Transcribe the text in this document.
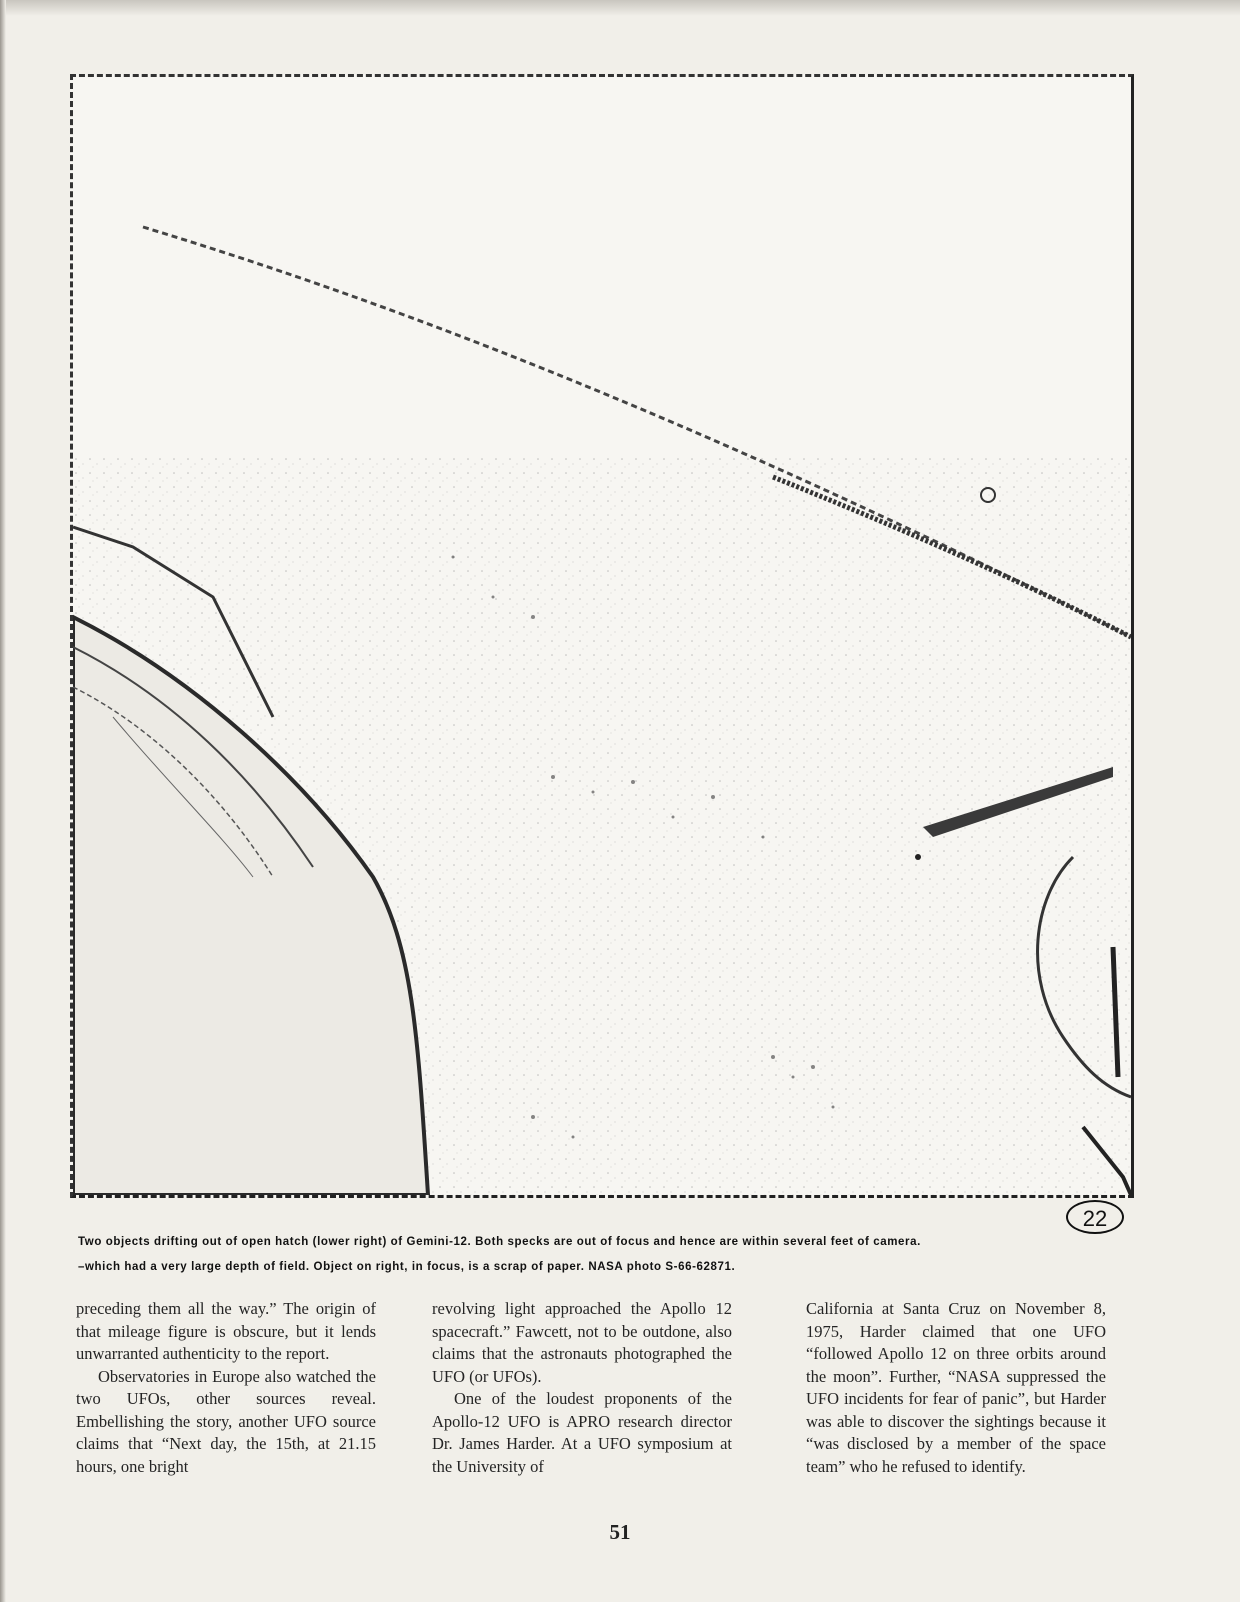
22
Two objects drifting out of open hatch (lower right) of Gemini-12. Both specks are out of focus and hence are within several feet of camera.
–which had a very large depth of field. Object on right, in focus, is a scrap of paper. NASA photo S-66-62871.

preceding them all the way.” The origin of that mileage figure is obscure, but it lends unwarranted authenticity to the report.

Observatories in Europe also watched the two UFOs, other sources reveal. Embellishing the story, another UFO source claims that “Next day, the 15th, at 21.15 hours, one bright

revolving light approached the Apollo 12 spacecraft.” Fawcett, not to be outdone, also claims that the astronauts photographed the UFO (or UFOs).

One of the loudest proponents of the Apollo-12 UFO is APRO research director Dr. James Harder. At a UFO symposium at the University of

California at Santa Cruz on November 8, 1975, Harder claimed that one UFO “followed Apollo 12 on three orbits around the moon”. Further, “NASA suppressed the UFO incidents for fear of panic”, but Harder was able to discover the sightings because it “was disclosed by a member of the space team” who he refused to identify.

51
